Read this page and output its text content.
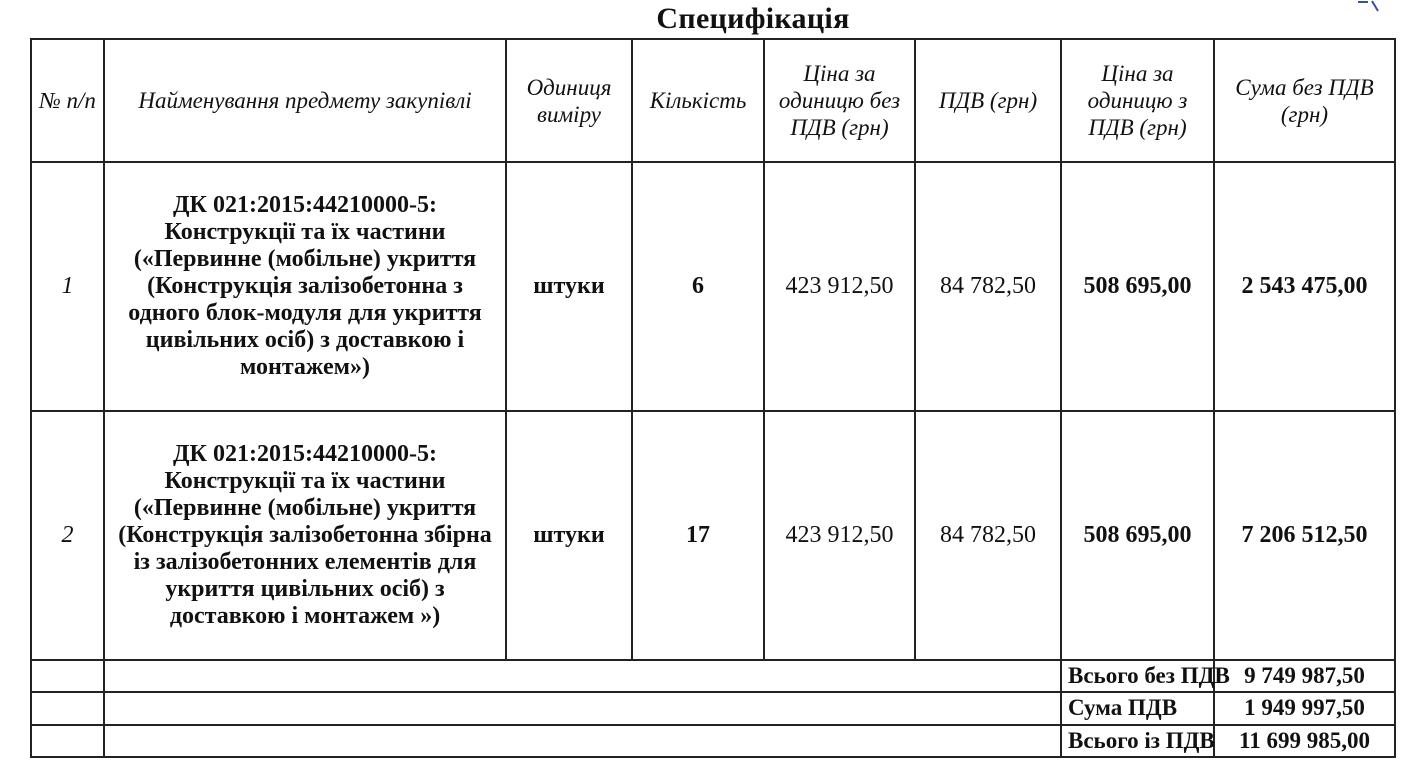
Специфікація
№ п/п	Найменування предмету закупівлі	Одиниця виміру	Кількість	Ціна за одиницю без ПДВ (грн)	ПДВ (грн)	Ціна за одиницю з ПДВ (грн)	Сума без ПДВ (грн)
1	ДК 021:2015:44210000-5: Конструкції та їх частини («Первинне (мобільне) укриття (Конструкція залізобетонна з одного блок-модуля для укриття цивільних осіб) з доставкою і монтажем»)	штуки	6	423 912,50	84 782,50	508 695,00	2 543 475,00
2	ДК 021:2015:44210000-5: Конструкції та їх частини («Первинне (мобільне) укриття (Конструкція залізобетонна збірна із залізобетонних елементів для укриття цивільних осіб) з доставкою і монтажем »)	штуки	17	423 912,50	84 782,50	508 695,00	7 206 512,50
						Всього без ПДВ	9 749 987,50
						Сума ПДВ	1 949 997,50
						Всього із ПДВ	11 699 985,00
